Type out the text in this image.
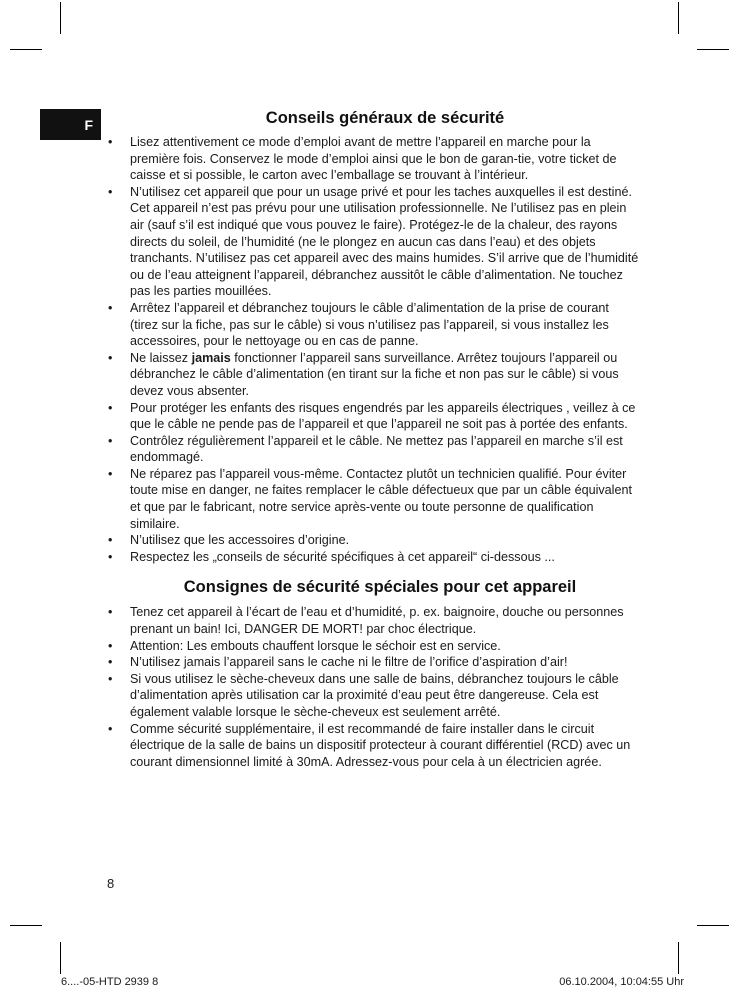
F	Conseils généraux de sécurité
• Lisez attentivement ce mode d’emploi avant de mettre l’appareil en marche pour la première fois. Conservez le mode d’emploi ainsi que le bon de garan-tie, votre ticket de caisse et si possible, le carton avec l’emballage se trouvant à l’intérieur.
• N’utilisez cet appareil que pour un usage privé et pour les taches auxquelles il est destiné. Cet appareil n’est pas prévu pour une utilisation professionnelle. Ne l’utilisez pas en plein air (sauf s’il est indiqué que vous pouvez le faire). Protégez-le de la chaleur, des rayons directs du soleil, de l’humidité (ne le plongez en aucun cas dans l’eau) et des objets tranchants. N’utilisez pas cet appareil avec des mains humides. S’il arrive que de l’humidité ou de l’eau atteignent l’appareil, débranchez aussitôt le câble d’alimentation. Ne touchez pas les parties mouillées.
• Arrêtez l’appareil et débranchez toujours le câble d’alimentation de la prise de courant (tirez sur la fiche, pas sur le câble) si vous n’utilisez pas l’appareil, si vous installez les accessoires, pour le nettoyage ou en cas de panne.
• Ne laissez jamais fonctionner l’appareil sans surveillance. Arrêtez toujours l’appareil ou débranchez le câble d’alimentation (en tirant sur la fiche et non pas sur le câble) si vous devez vous absenter.
• Pour protéger les enfants des risques engendrés par les appareils électriques , veillez à ce que le câble ne pende pas de l’appareil et que l’appareil ne soit pas à portée des enfants.
• Contrôlez régulièrement l’appareil et le câble. Ne mettez pas l’appareil en marche s’il est endommagé.
• Ne réparez pas l’appareil vous-même. Contactez plutôt un technicien qualifié. Pour éviter toute mise en danger, ne faites remplacer le câble défectueux que par un câble équivalent et que par le fabricant, notre service après-vente ou toute personne de qualification similaire.
• N’utilisez que les accessoires d’origine.
• Respectez les „conseils de sécurité spécifiques à cet appareil“ ci-dessous ...
Consignes de sécurité spéciales pour cet appareil
• Tenez cet appareil à l’écart de l’eau et d’humidité, p. ex. baignoire, douche ou personnes prenant un bain! Ici, DANGER DE MORT! par choc électrique.
• Attention: Les embouts chauffent lorsque le séchoir est en service.
• N’utilisez jamais l’appareil sans le cache ni le filtre de l’orifice d’aspiration d’air!
• Si vous utilisez le sèche-cheveux dans une salle de bains, débranchez toujours le câble d’alimentation après utilisation car la proximité d’eau peut être dangereuse. Cela est également valable lorsque le sèche-cheveux est seulement arrêté.
• Comme sécurité supplémentaire, il est recommandé de faire installer dans le circuit électrique de la salle de bains un dispositif protecteur à courant différentiel (RCD) avec un courant dimensionnel limité à 30mA. Adressez-vous pour cela à un électricien agrée.
8
6....-05-HTD 2939 8	06.10.2004, 10:04:55 Uhr
